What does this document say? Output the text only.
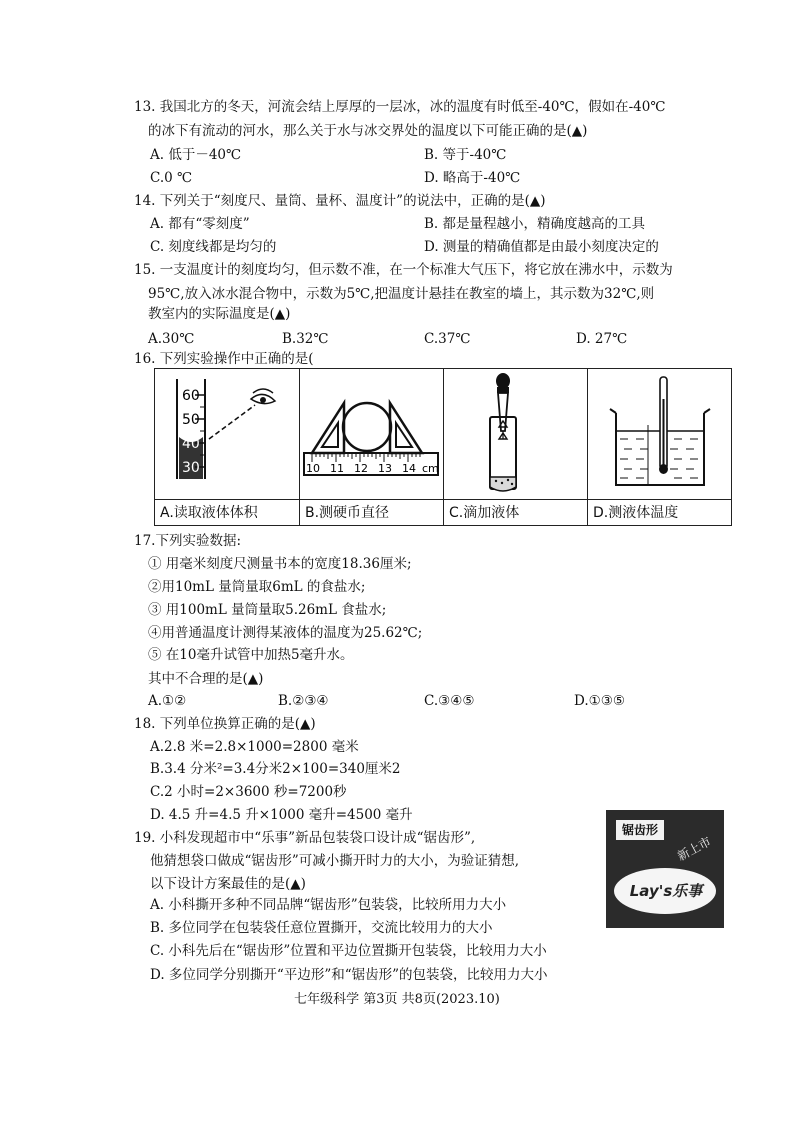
13. 我国北方的冬天，河流会结上厚厚的一层冰，冰的温度有时低至-40℃，假如在-40℃
的冰下有流动的河水，那么关于水与冰交界处的温度以下可能正确的是(▲)
A. 低于－40℃	B. 等于-40℃
C.0 ℃	D. 略高于-40℃
14. 下列关于“刻度尺、量筒、量杯、温度计”的说法中，正确的是(▲)
A. 都有“零刻度”	B. 都是量程越小，精确度越高的工具
C. 刻度线都是均匀的	D. 测量的精确值都是由最小刻度决定的
15. 一支温度计的刻度均匀，但示数不准，在一个标准大气压下，将它放在沸水中，示数为
95℃,放入冰水混合物中，示数为5℃,把温度计悬挂在教室的墙上，其示数为32℃,则
教室内的实际温度是(▲)
A.30℃	B.32℃	C.37℃	D. 27℃
16. 下列实验操作中正确的是(
60
50
40
30	10 11 12 13 14 cm
A.读取液体体积	B.测硬币直径	C.滴加液体	D.测液体温度
17.下列实验数据:
① 用毫米刻度尺测量书本的宽度18.36厘米;
②用10mL 量筒量取6mL 的食盐水;
③ 用100mL 量筒量取5.26mL 食盐水;
④用普通温度计测得某液体的温度为25.62℃;
⑤ 在10毫升试管中加热5毫升水。
其中不合理的是(▲)
A.①②	B.②③④	C.③④⑤	D.①③⑤
18. 下列单位换算正确的是(▲)
A.2.8 米=2.8×1000=2800 毫米
B.3.4 分米²=3.4分米2×100=340厘米2
C.2 小时=2×3600 秒=7200秒
D. 4.5 升=4.5 升×1000 毫升=4500 毫升
19. 小科发现超市中“乐事”新品包装袋口设计成“锯齿形”,
他猜想袋口做成“锯齿形”可减小撕开时力的大小，为验证猜想,
以下设计方案最佳的是(▲)
A. 小科撕开多种不同品牌“锯齿形”包装袋，比较所用力大小
B. 多位同学在包装袋任意位置撕开，交流比较用力的大小
C. 小科先后在“锯齿形”位置和平边位置撕开包装袋，比较用力大小
D. 多位同学分别撕开“平边形”和“锯齿形”的包装袋，比较用力大小
锯齿形
新上市
Lay's乐事
七年级科学 第3页 共8页(2023.10)
